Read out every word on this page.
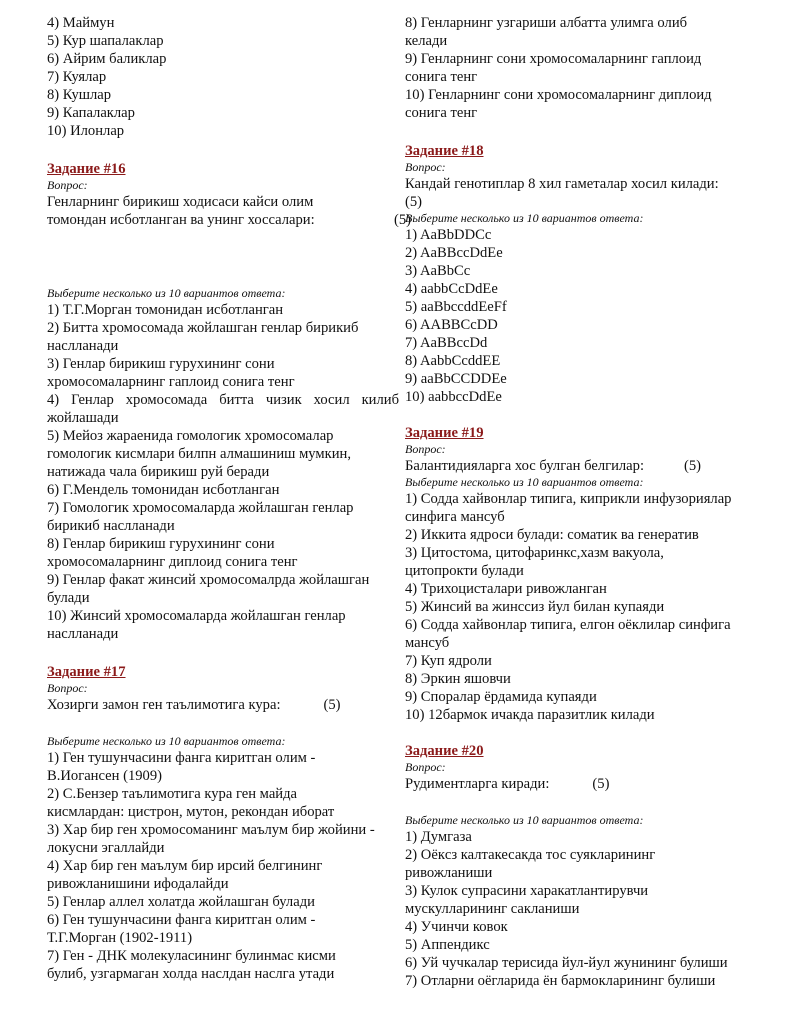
4) Маймун
5) Кур шапалаклар
6) Айрим баликлар
7) Куялар
8) Кушлар
9) Капалаклар
10) Илонлар
Задание #16
Вопрос:
Генларнинг бирикиш ходисаси кайси олим
томондан исботланган ва унинг хоссалари:	(5)
Выберите несколько из 10 вариантов ответа:
1) Т.Г.Морган томонидан исботланган
2) Битта хромосомада жойлашган генлар бирикиб
наслланади
3) Генлар бирикиш гурухининг сони
хромосомаларнинг гаплоид сонига тенг
4) Генлар хромосомада битта чизик хосил килиб
жойлашади
5) Мейоз жараенида гомологик хромосомалар
гомологик кисмлари билпн алмашиниш мумкин,
натижада чала бирикиш руй беради
6) Г.Мендель томонидан исботланган
7) Гомологик хромосомаларда жойлашган генлар
бирикиб наслланади
8) Генлар бирикиш гурухининг сони
хромосомаларнинг диплоид сонига тенг
9) Генлар факат жинсий хромосомалрда жойлашган
булади
10) Жинсий хромосомаларда жойлашган генлар
наслланади
Задание #17
Вопрос:
Хозирги замон ген таълимотига кура:	(5)
Выберите несколько из 10 вариантов ответа:
1) Ген тушунчасини фанга киритган олим -
В.Иогансен (1909)
2) С.Бензер таълимотига кура ген майда
кисмлардан: цистрон, мутон, рекондан иборат
3) Хар бир ген хромосоманинг маълум бир жойини -
локусни эгаллайди
4) Хар бир ген маълум бир ирсий белгининг
ривожланишини ифодалайди
5) Генлар аллел холатда жойлашган булади
6) Ген тушунчасини фанга киритган олим -
Т.Г.Морган (1902-1911)
7) Ген - ДНК молекуласининг булинмас кисми
булиб, узгармаган холда наслдан наслга утади
8) Генларнинг узгариши албатта улимга олиб
келади
9) Генларнинг сони хромосомаларнинг гаплоид
сонига тенг
10) Генларнинг сони хромосомаларнинг диплоид
сонига тенг
Задание #18
Вопрос:
Кандай генотиплар 8 хил гаметалар хосил килади:
(5)
Выберите несколько из 10 вариантов ответа:
1) AaBbDDCc
2) AaBBccDdEe
3) AaBbCc
4) aabbCcDdEe
5) aaBbccddEeFf
6) AABBCcDD
7) AaBBccDd
8) AabbCcddEE
9) aaBbCCDDEe
10) aabbccDdEe
Задание #19
Вопрос:
Балантидияларга хос булган белгилар:	(5)
Выберите несколько из 10 вариантов ответа:
1) Содда хайвонлар типига, киприкли инфузориялар
синфига мансуб
2) Иккита ядроси булади: соматик ва генератив
3) Цитостома, цитофаринкс,хазм вакуола,
цитопрокти булади
4) Трихоцисталари ривожланган
5) Жинсий ва жинссиз йул билан купаяди
6) Содда хайвонлар типига, елгон оёклилар синфига
мансуб
7) Куп ядроли
8) Эркин яшовчи
9) Споралар ёрдамида купаяди
10) 12бармок ичакда паразитлик килади
Задание #20
Вопрос:
Рудиментларга киради:	(5)
Выберите несколько из 10 вариантов ответа:
1) Думгаза
2) Оёкcз калтакесакда тос суякларининг
ривожланиши
3) Кулок супрасини харакатлантирувчи
мускулларининг сакланиши
4) Учинчи ковок
5) Аппендикс
6) Уй чучкалар терисида йул-йул жунининг булиши
7) Отларни оёгларида ён бармокларининг булиши
